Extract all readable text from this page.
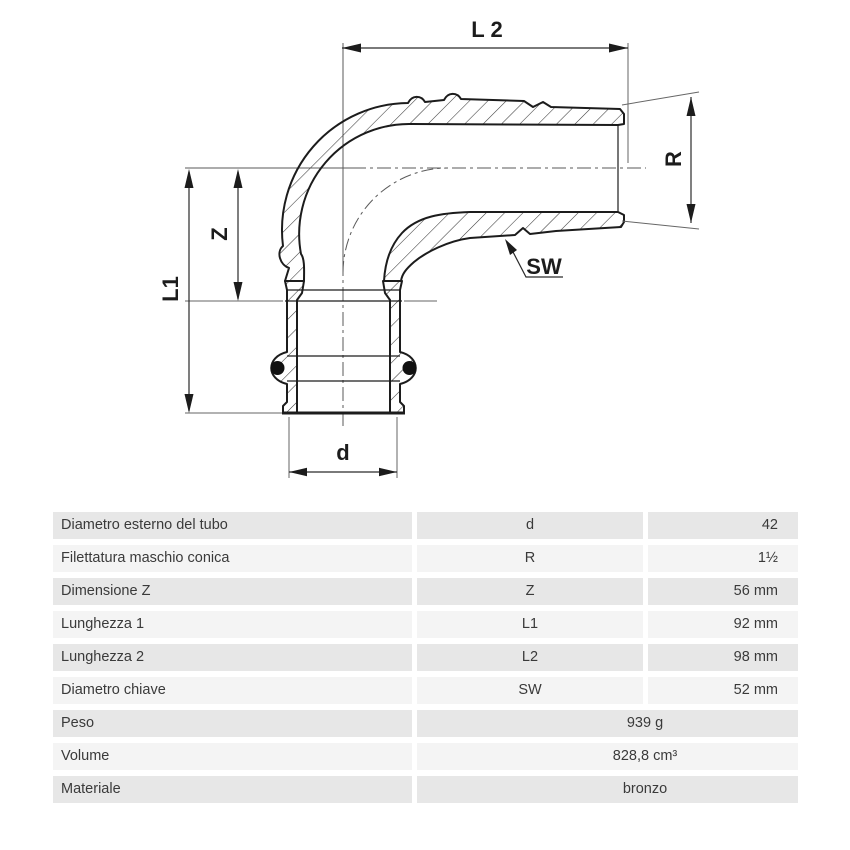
L 2
R
Z
L1
d
SW
Diametro esterno del tubo	d	42
Filettatura maschio conica	R	1½
Dimensione Z	Z	56 mm
Lunghezza 1	L1	92 mm
Lunghezza 2	L2	98 mm
Diametro chiave	SW	52 mm
Peso	939 g
Volume	828,8 cm³
Materiale	bronzo
